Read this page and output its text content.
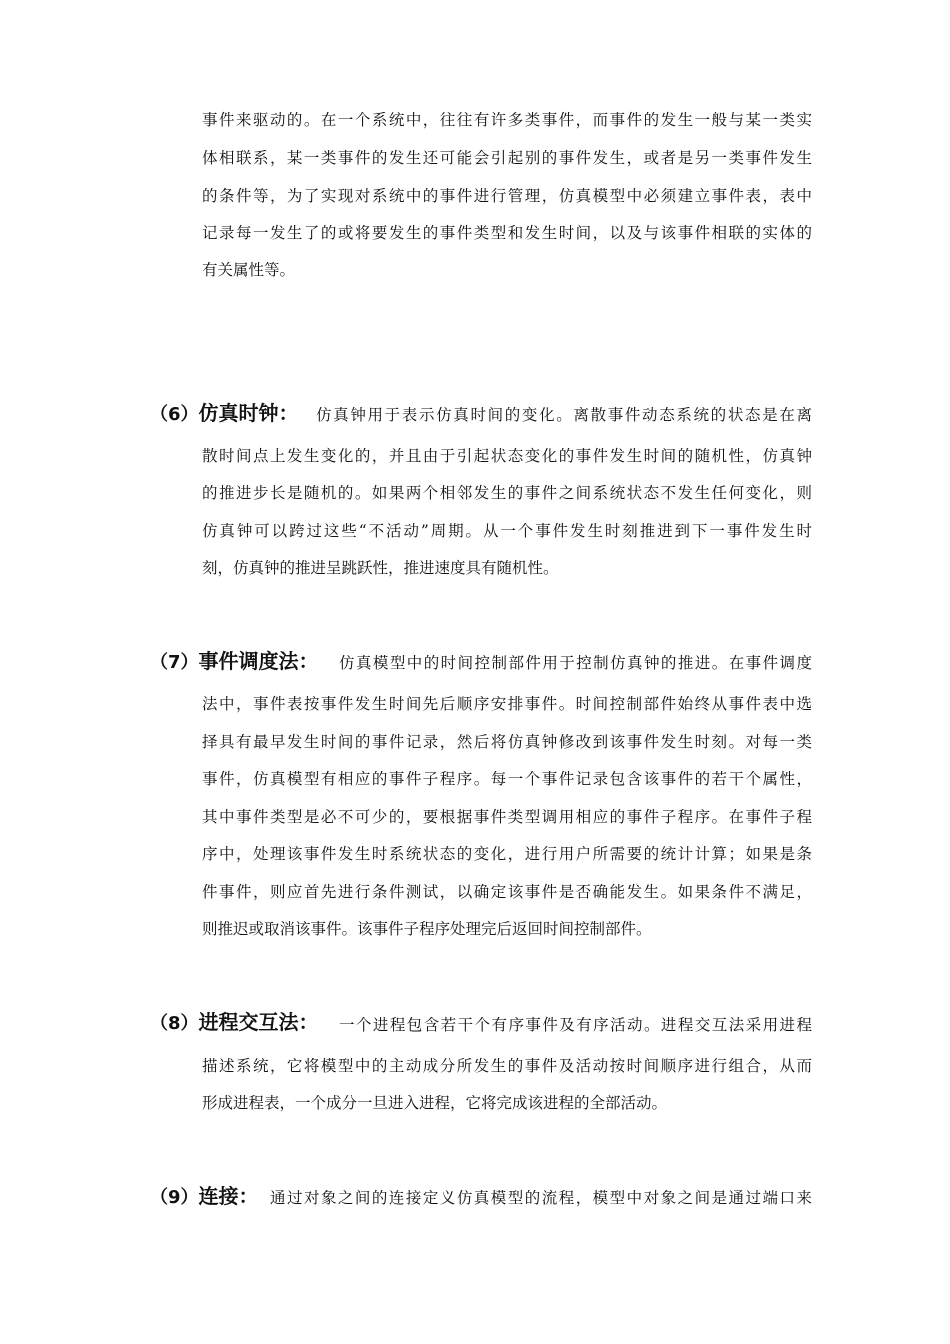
事件来驱动的。在一个系统中，往往有许多类事件，而事件的发生一般与某一类实
体相联系，某一类事件的发生还可能会引起别的事件发生，或者是另一类事件发生
的条件等，为了实现对系统中的事件进行管理，仿真模型中必须建立事件表，表中
记录每一发生了的或将要发生的事件类型和发生时间，以及与该事件相联的实体的
有关属性等。
（6）仿真时钟： 仿真钟用于表示仿真时间的变化。离散事件动态系统的状态是在离
散时间点上发生变化的，并且由于引起状态变化的事件发生时间的随机性，仿真钟
的推进步长是随机的。如果两个相邻发生的事件之间系统状态不发生任何变化，则
仿真钟可以跨过这些“不活动”周期。从一个事件发生时刻推进到下一事件发生时
刻，仿真钟的推进呈跳跃性，推进速度具有随机性。
（7）事件调度法： 仿真模型中的时间控制部件用于控制仿真钟的推进。在事件调度
法中，事件表按事件发生时间先后顺序安排事件。时间控制部件始终从事件表中选
择具有最早发生时间的事件记录，然后将仿真钟修改到该事件发生时刻。对每一类
事件，仿真模型有相应的事件子程序。每一个事件记录包含该事件的若干个属性，
其中事件类型是必不可少的，要根据事件类型调用相应的事件子程序。在事件子程
序中，处理该事件发生时系统状态的变化，进行用户所需要的统计计算；如果是条
件事件，则应首先进行条件测试，以确定该事件是否确能发生。如果条件不满足，
则推迟或取消该事件。该事件子程序处理完后返回时间控制部件。
（8）进程交互法： 一个进程包含若干个有序事件及有序活动。进程交互法采用进程
描述系统，它将模型中的主动成分所发生的事件及活动按时间顺序进行组合，从而
形成进程表，一个成分一旦进入进程，它将完成该进程的全部活动。
（9）连接： 通过对象之间的连接定义仿真模型的流程，模型中对象之间是通过端口来
